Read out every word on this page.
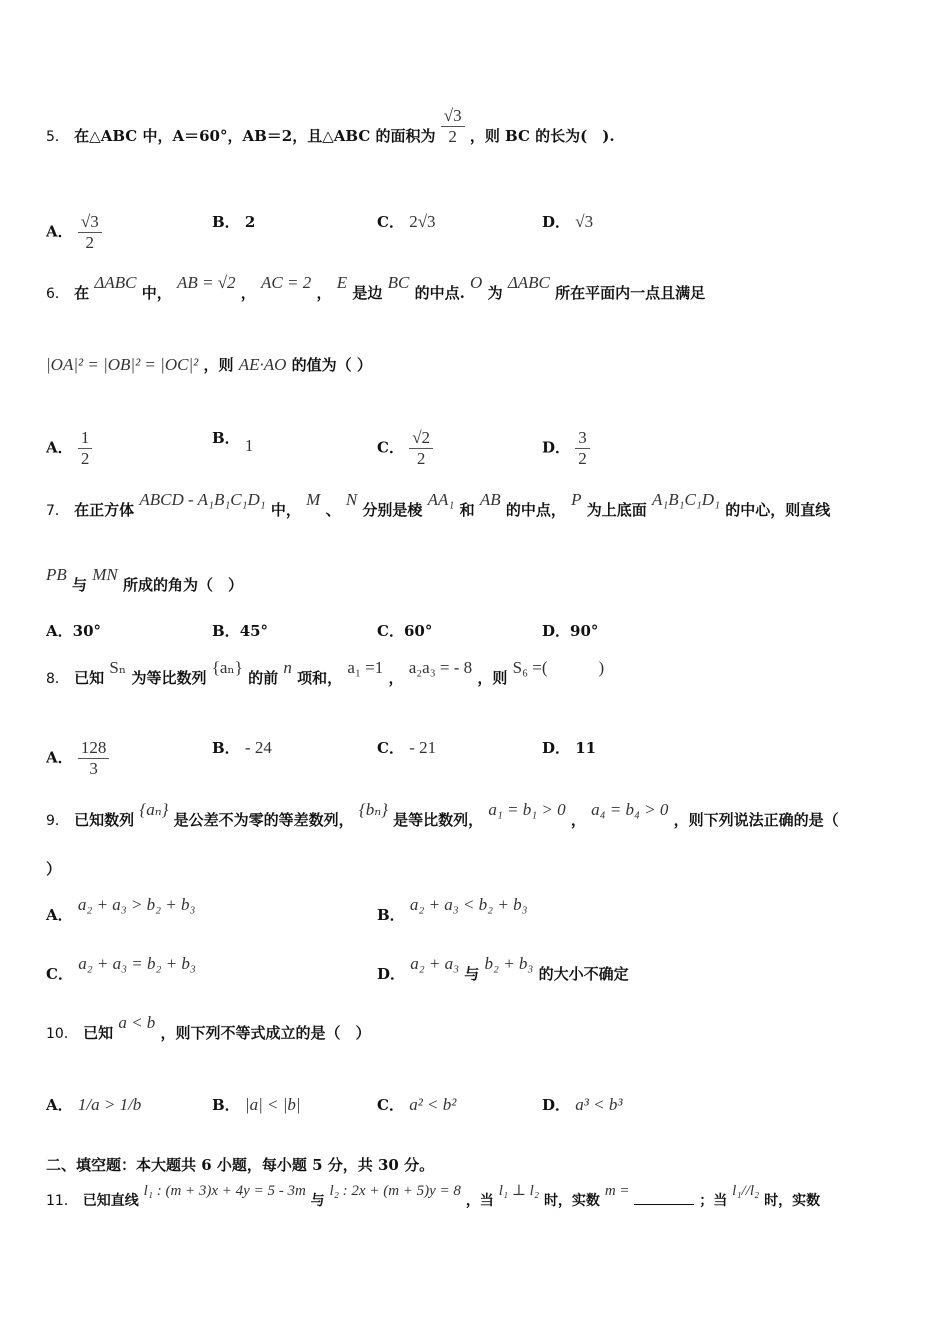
5． 在△ABC 中，A＝60°，AB＝2，且△ABC 的面积为 $\frac{√3}{2}$ ，则 BC 的长为(　).
A． $\frac{√3}{2}$	B． 2	C． 2√3	D． √3
6． 在 ΔABC 中， AB = √2 ， AC = 2 ， E 是边 BC 的中点. O 为 ΔABC 所在平面内一点且满足
|OA|² = |OB|² = |OC|² ，则 AE·AO 的值为（ ）
A． $\frac{1}{2}$	B． 1	C． $\frac{√2}{2}$	D． $\frac{3}{2}$
7． 在正方体 ABCD - A₁B₁C₁D₁ 中， M 、 N 分别是棱 AA₁ 和 AB 的中点， P 为上底面 A₁B₁C₁D₁ 的中心，则直线
PB 与 MN 所成的角为（　）
A．30°	B．45°	C．60°	D．90°
8． 已知 Sₙ 为等比数列 {aₙ} 的前 n 项和， a₁ =1 ， a₂a₃ = - 8 ，则 S₆ =(　　　)
A． $\frac{128}{3}$	B． - 24	C． - 21	D． 11
9． 已知数列 {aₙ} 是公差不为零的等差数列， {bₙ} 是等比数列， a₁ = b₁ > 0 ， a₄ = b₄ > 0 ，则下列说法正确的是（
）
A． a₂ + a₃ > b₂ + b₃
B． a₂ + a₃ < b₂ + b₃
C． a₂ + a₃ = b₂ + b₃
D． a₂ + a₃ 与 b₂ + b₃ 的大小不确定
10． 已知 a < b ，则下列不等式成立的是（　）
A． 1/a > 1/b	B． |a| < |b|	C． a² < b²	D． a³ < b³
二、填空题：本大题共 6 小题，每小题 5 分，共 30 分。
11． 已知直线 l₁ : (m + 3)x + 4y = 5 - 3m 与 l₂ : 2x + (m + 5)y = 8 ，当 l₁ ⊥ l₂ 时，实数 m =  ；当 l₁//l₂ 时，实数
